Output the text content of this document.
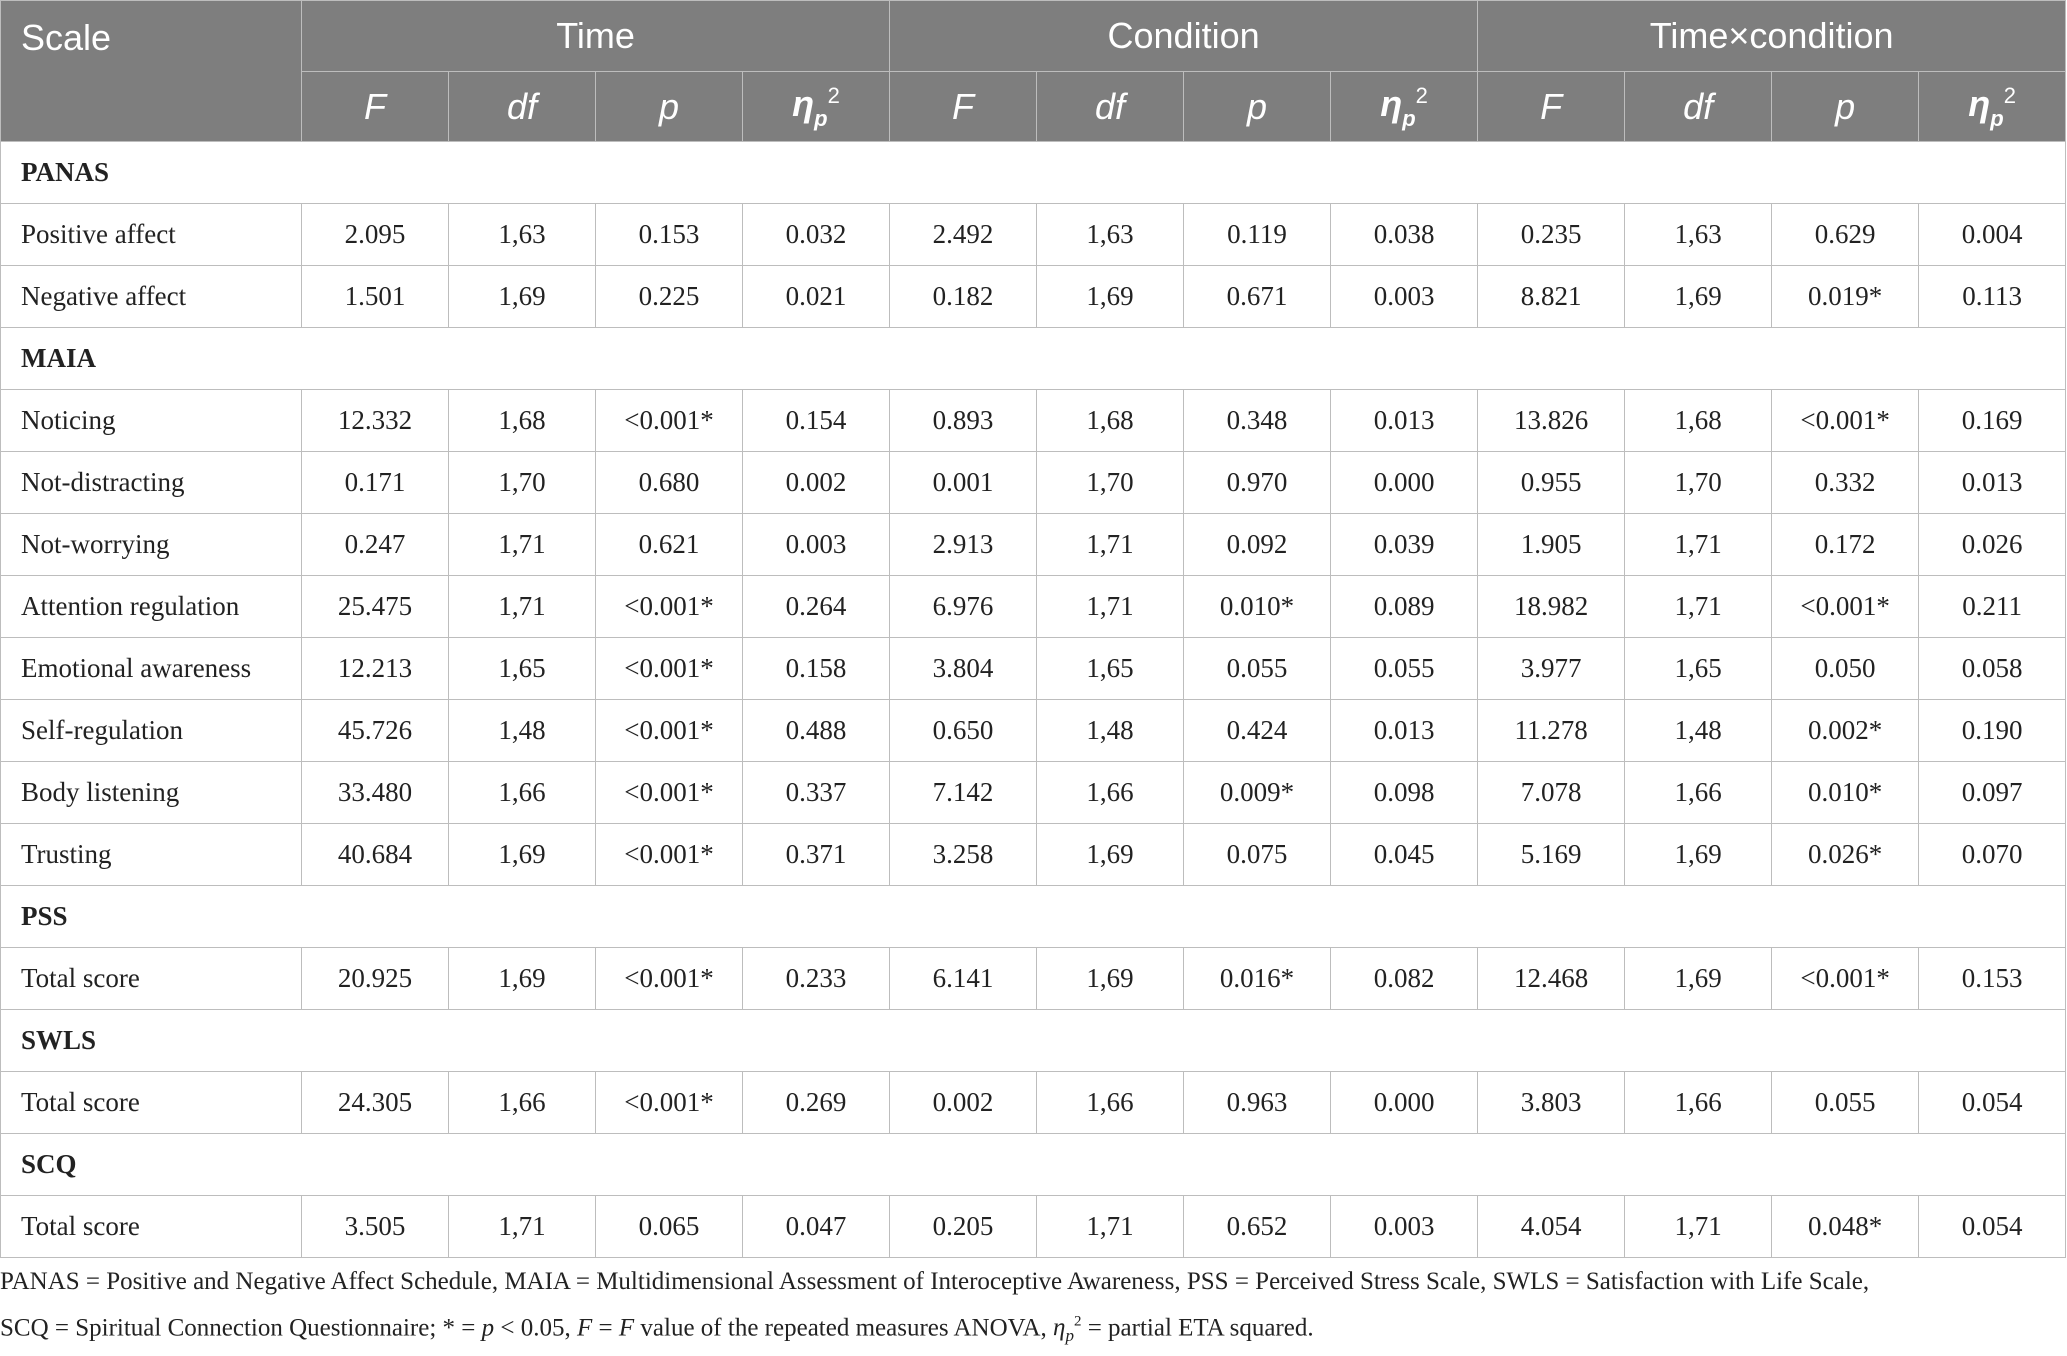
Scale	Time				Condition				Time×condition			
	F	df	p	$\eta_p^2$	F	df	p	$\eta_p^2$	F	df	p	$\eta_p^2$
PANAS												
Positive affect	2.095	1,63	0.153	0.032	2.492	1,63	0.119	0.038	0.235	1,63	0.629	0.004
Negative affect	1.501	1,69	0.225	0.021	0.182	1,69	0.671	0.003	8.821	1,69	0.019*	0.113
MAIA												
Noticing	12.332	1,68	<0.001*	0.154	0.893	1,68	0.348	0.013	13.826	1,68	<0.001*	0.169
Not-distracting	0.171	1,70	0.680	0.002	0.001	1,70	0.970	0.000	0.955	1,70	0.332	0.013
Not-worrying	0.247	1,71	0.621	0.003	2.913	1,71	0.092	0.039	1.905	1,71	0.172	0.026
Attention regulation	25.475	1,71	<0.001*	0.264	6.976	1,71	0.010*	0.089	18.982	1,71	<0.001*	0.211
Emotional awareness	12.213	1,65	<0.001*	0.158	3.804	1,65	0.055	0.055	3.977	1,65	0.050	0.058
Self-regulation	45.726	1,48	<0.001*	0.488	0.650	1,48	0.424	0.013	11.278	1,48	0.002*	0.190
Body listening	33.480	1,66	<0.001*	0.337	7.142	1,66	0.009*	0.098	7.078	1,66	0.010*	0.097
Trusting	40.684	1,69	<0.001*	0.371	3.258	1,69	0.075	0.045	5.169	1,69	0.026*	0.070
PSS												
Total score	20.925	1,69	<0.001*	0.233	6.141	1,69	0.016*	0.082	12.468	1,69	<0.001*	0.153
SWLS												
Total score	24.305	1,66	<0.001*	0.269	0.002	1,66	0.963	0.000	3.803	1,66	0.055	0.054
SCQ												
Total score	3.505	1,71	0.065	0.047	0.205	1,71	0.652	0.003	4.054	1,71	0.048*	0.054
PANAS = Positive and Negative Affect Schedule, MAIA = Multidimensional Assessment of Interoceptive Awareness, PSS = Perceived Stress Scale, SWLS = Satisfaction with Life Scale,
SCQ = Spiritual Connection Questionnaire; * = p < 0.05, F = F value of the repeated measures ANOVA, $\eta_p^2$ = partial ETA squared.
